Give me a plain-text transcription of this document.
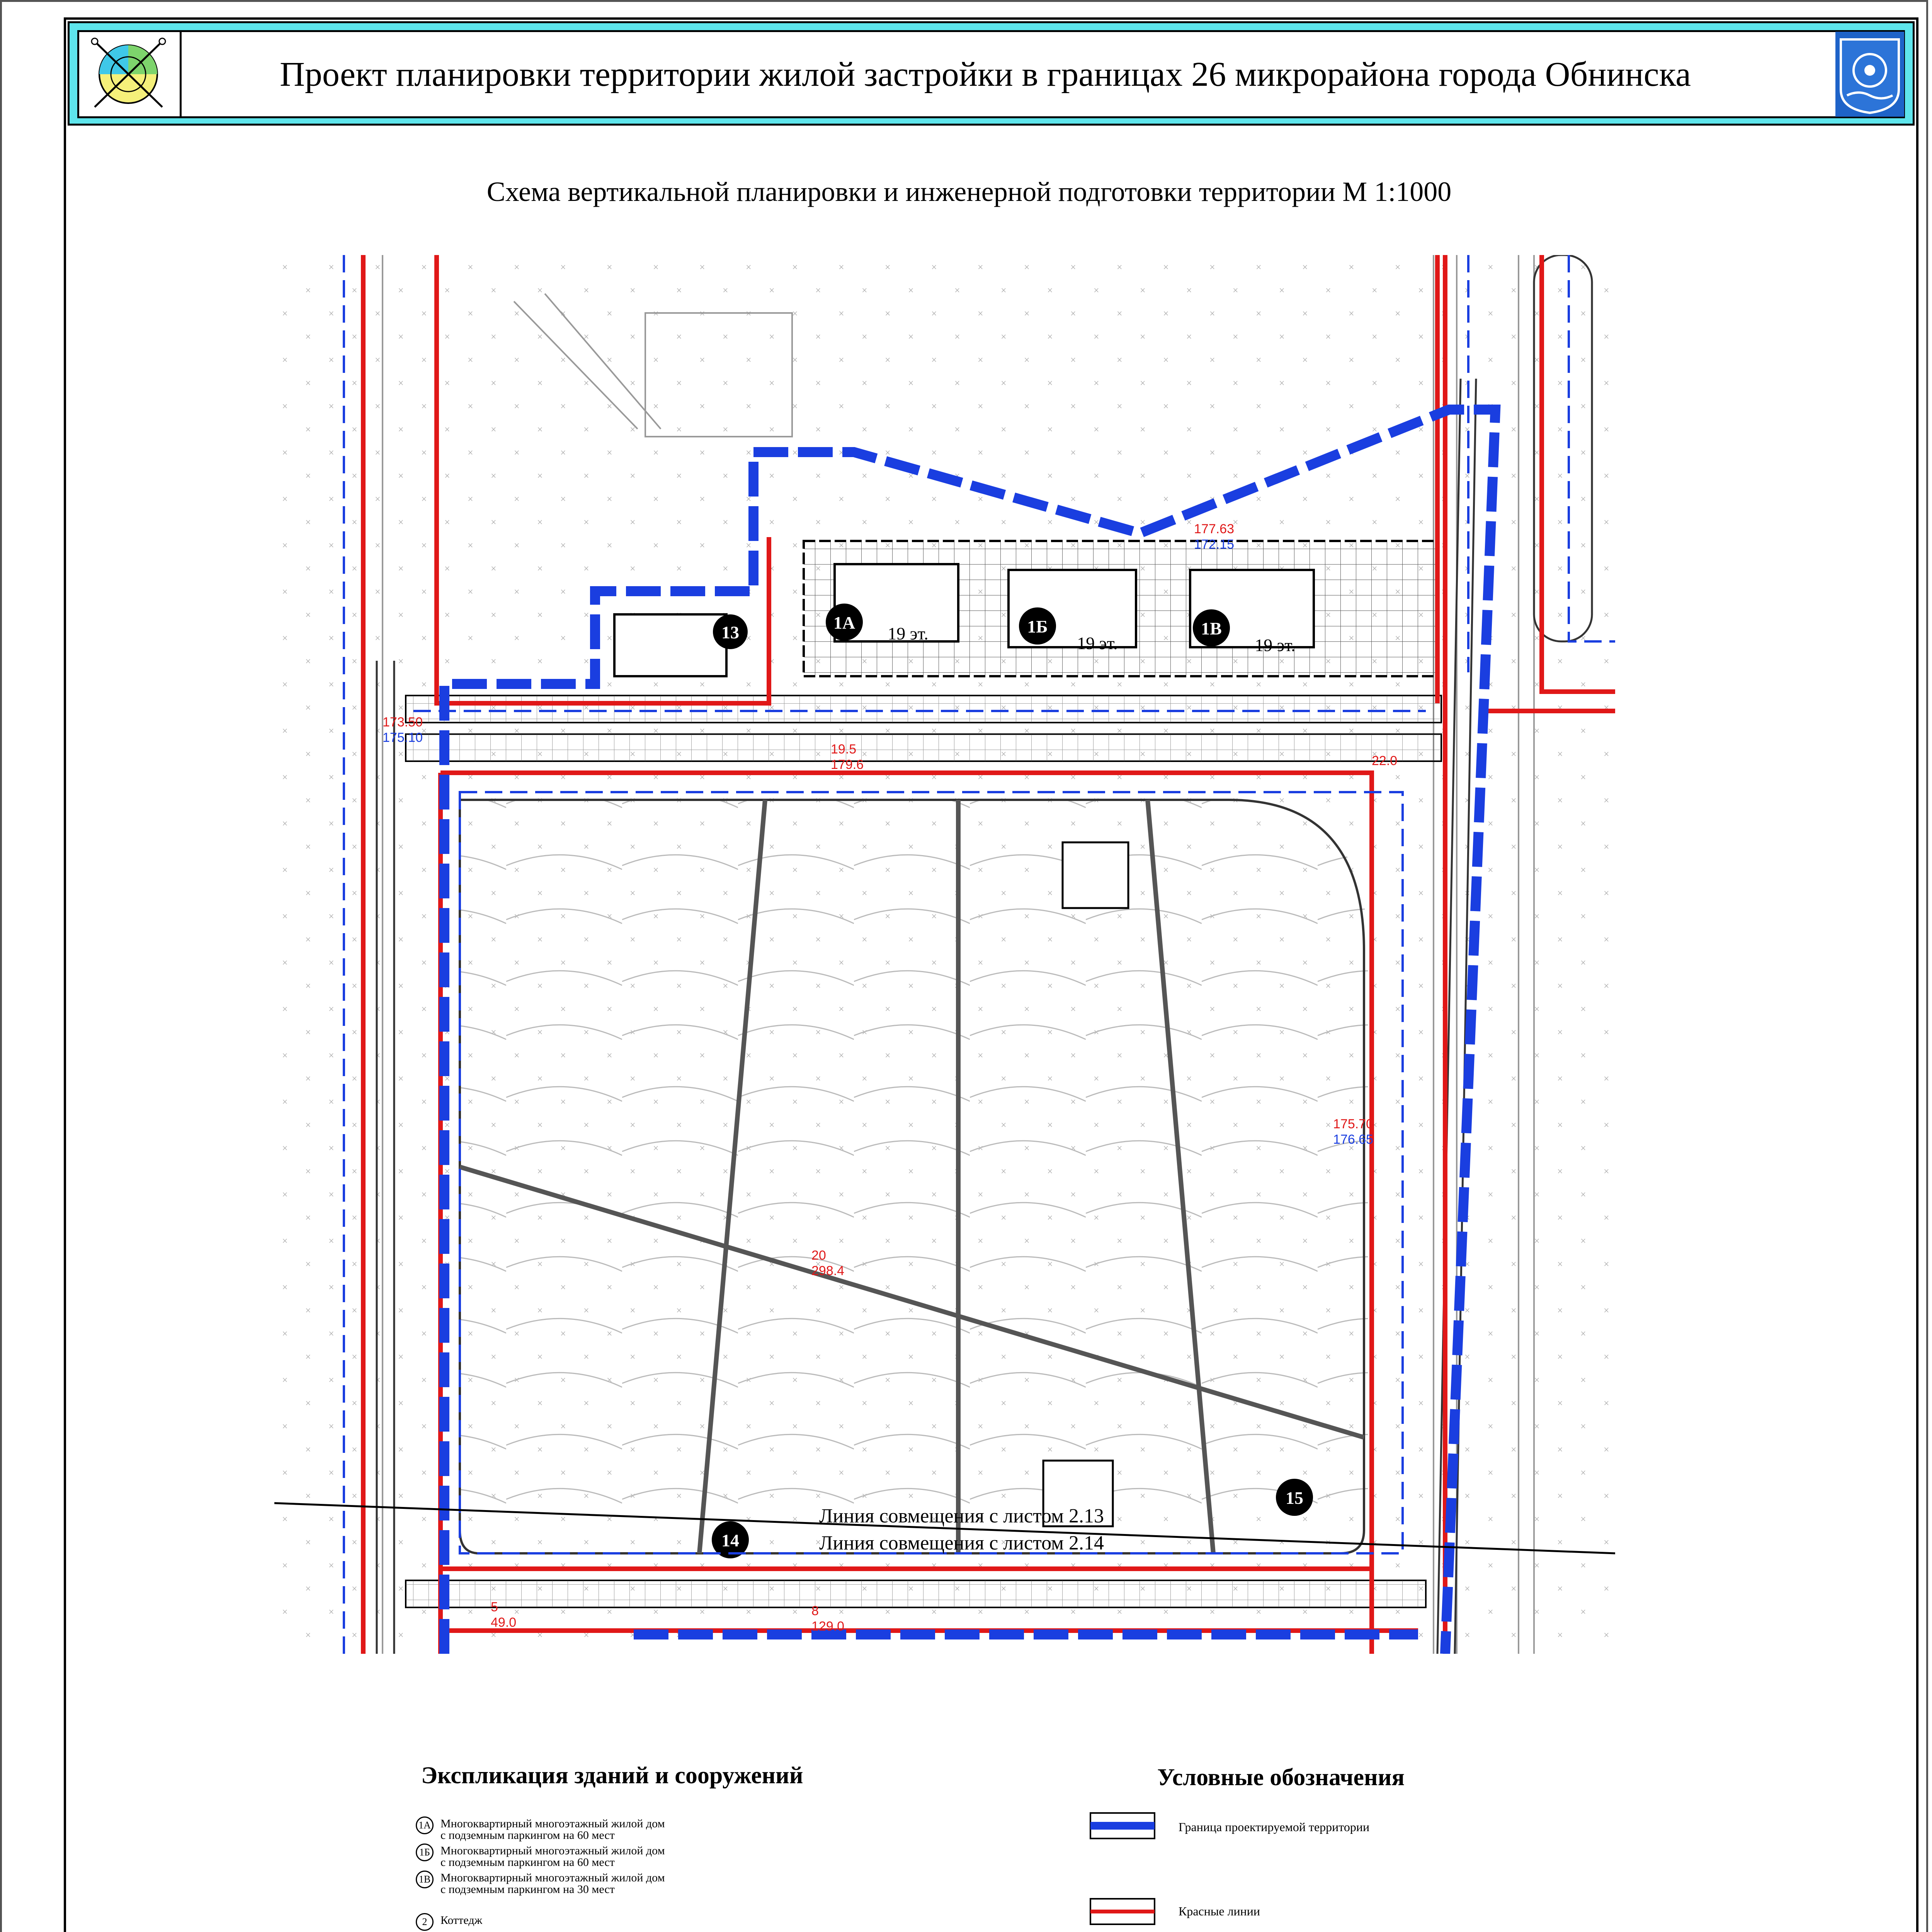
Проект планировки территории жилой застройки в границах 26 микрорайона города Обнинска
Схема вертикальной планировки и инженерной подготовки территории М 1:1000
1А	1Б	1В
13	19 эт.	19 эт.	19 эт.
15
14
177.63
172.15
19.5
179.6
20
298.4
5
49.0
8
129.0
22.0
173.50
175.10
175.70
176.65
Линия совмещения с листом 2.13
Линия совмещения с листом 2.14
Экспликация зданий и сооружений
1А Многоквартирный многоэтажный жилой дом
с подземным паркингом на 60 мест
1Б Многоквартирный многоэтажный жилой дом
с подземным паркингом на 60 мест
1В Многоквартирный многоэтажный жилой дом
с подземным паркингом на 30 мест
2	Коттедж
Условные обозначения
Граница проектируемой территории
Красные линии
